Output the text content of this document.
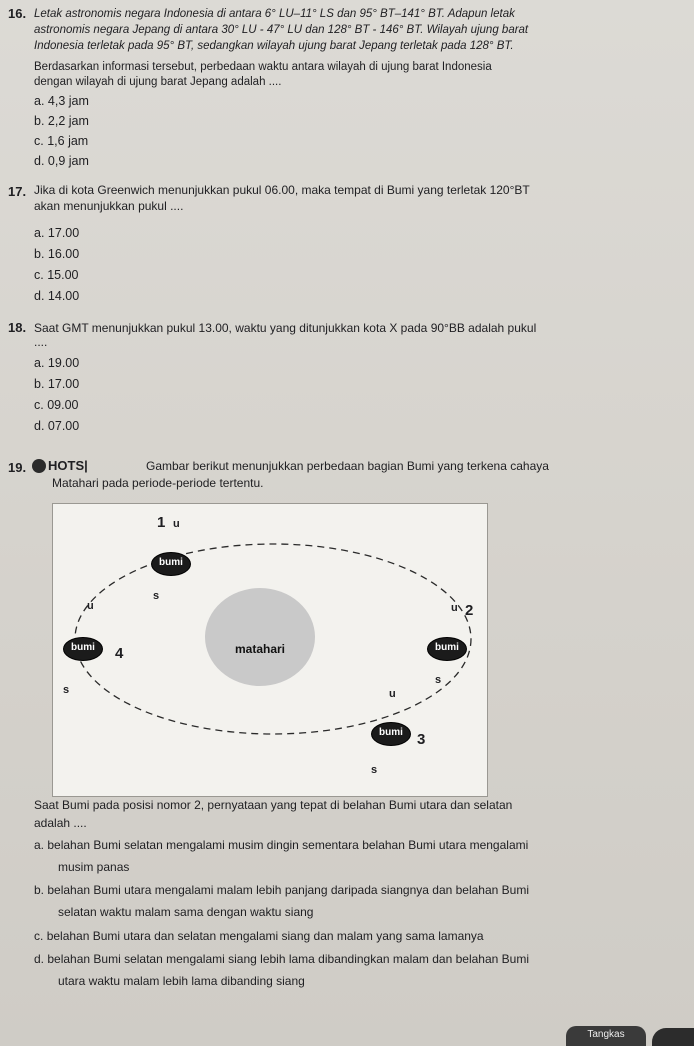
16. Letak astronomis negara Indonesia di antara 6° LU–11° LS dan 95° BT–141° BT. Adapun letak
astronomis negara Jepang di antara 30° LU - 47° LU dan 128° BT - 146° BT. Wilayah ujung barat
Indonesia terletak pada 95° BT, sedangkan wilayah ujung barat Jepang terletak pada 128° BT.
Berdasarkan informasi tersebut, perbedaan waktu antara wilayah di ujung barat Indonesia
dengan wilayah di ujung barat Jepang adalah ....
a. 4,3 jam
b. 2,2 jam
c. 1,6 jam
d. 0,9 jam
17. Jika di kota Greenwich menunjukkan pukul 06.00, maka tempat di Bumi yang terletak 120°BT
akan menunjukkan pukul ....
a. 17.00
b. 16.00
c. 15.00
d. 14.00
18. Saat GMT menunjukkan pukul 13.00, waktu yang ditunjukkan kota X pada 90°BB adalah pukul
....
a. 19.00
b. 17.00
c. 09.00
d. 07.00
19.	HOTS|	Gambar berikut menunjukkan perbedaan bagian Bumi yang terkena cahaya
Matahari pada periode-periode tertentu.
matahari
1 u
bumi
s
u
bumi	4
s
u 2
bumi
s
u
bumi 3
s
Saat Bumi pada posisi nomor 2, pernyataan yang tepat di belahan Bumi utara dan selatan
adalah ....
a. belahan Bumi selatan mengalami musim dingin sementara belahan Bumi utara mengalami
musim panas
b. belahan Bumi utara mengalami malam lebih panjang daripada siangnya dan belahan Bumi
selatan waktu malam sama dengan waktu siang
c. belahan Bumi utara dan selatan mengalami siang dan malam yang sama lamanya
d. belahan Bumi selatan mengalami siang lebih lama dibandingkan malam dan belahan Bumi
utara waktu malam lebih lama dibanding siang
Tangkas
